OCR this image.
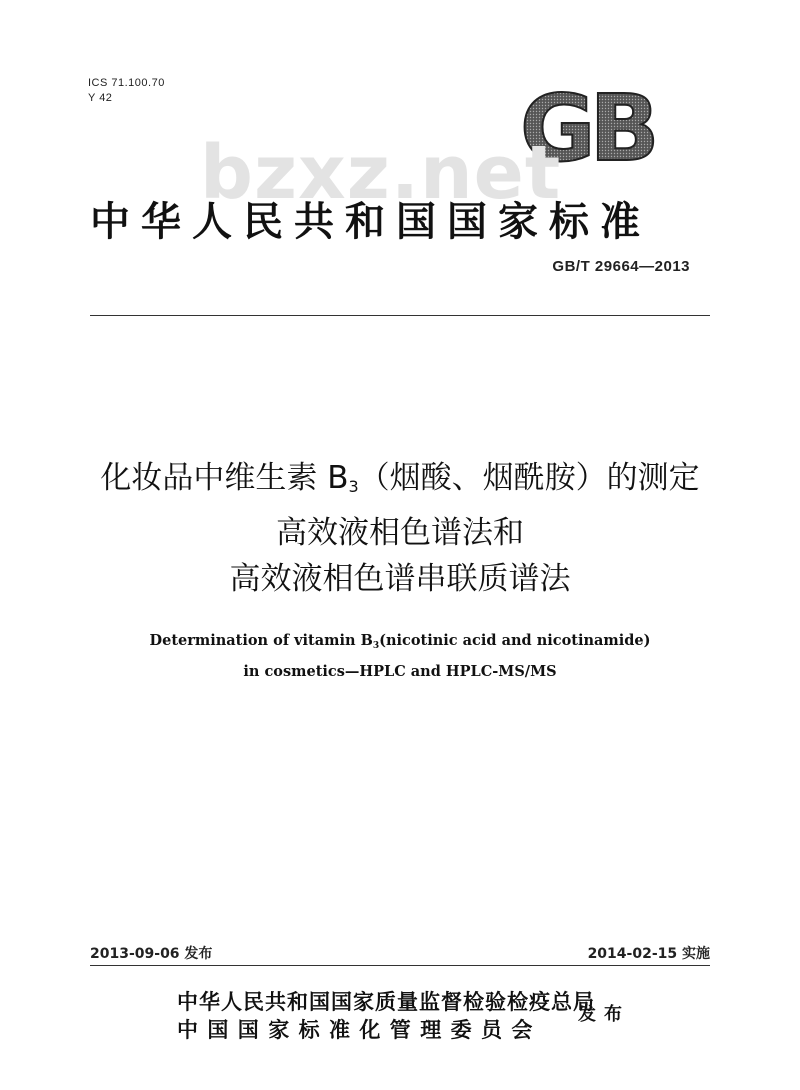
ICS 71.100.70
Y 42	GB
bzxz.net
中华人民共和国国家标准
GB/T 29664—2013
化妆品中维生素 $B_3$（烟酸、烟酰胺）的测定
高效液相色谱法和
高效液相色谱串联质谱法
Determination of vitamin $B_3(nicotinic$ acid and nicotinamide)
in cosmetics—HPLC and HPLC-MS/MS
2013-09-06 发布	2014-02-15 实施
中华人民共和国国家质量监督检验检疫总局
中国国家标准化管理委员会
发布
